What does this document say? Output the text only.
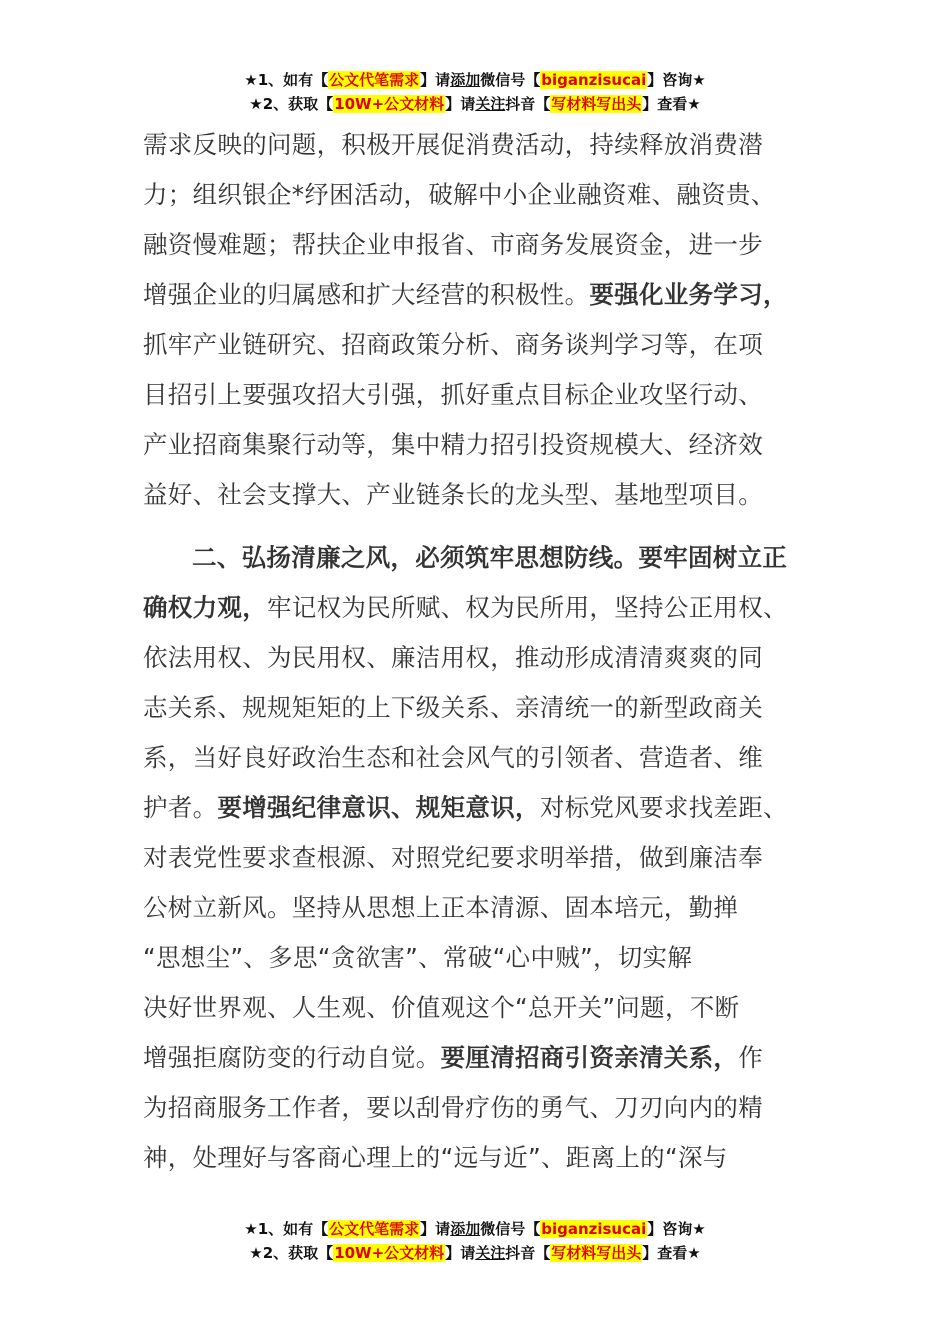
★1、如有【公文代笔需求】请添加微信号【biganzisucai】咨询★
★2、获取【10W+公文材料】请关注抖音【写材料写出头】查看★

需求反映的问题，积极开展促消费活动，持续释放消费潜

力；组织银企*纾困活动，破解中小企业融资难、融资贵、

融资慢难题；帮扶企业申报省、市商务发展资金，进一步

增强企业的归属感和扩大经营的积极性。要强化业务学习，

抓牢产业链研究、招商政策分析、商务谈判学习等，在项

目招引上要强攻招大引强，抓好重点目标企业攻坚行动、

产业招商集聚行动等，集中精力招引投资规模大、经济效

益好、社会支撑大、产业链条长的龙头型、基地型项目。

二、弘扬清廉之风，必须筑牢思想防线。要牢固树立正

确权力观，牢记权为民所赋、权为民所用，坚持公正用权、

依法用权、为民用权、廉洁用权，推动形成清清爽爽的同

志关系、规规矩矩的上下级关系、亲清统一的新型政商关

系，当好良好政治生态和社会风气的引领者、营造者、维

护者。要增强纪律意识、规矩意识，对标党风要求找差距、

对表党性要求查根源、对照党纪要求明举措，做到廉洁奉

公树立新风。坚持从思想上正本清源、固本培元，勤掸

“思想尘”、多思“贪欲害”、常破“心中贼”，切实解

决好世界观、人生观、价值观这个“总开关”问题，不断

增强拒腐防变的行动自觉。要厘清招商引资亲清关系，作

为招商服务工作者，要以刮骨疗伤的勇气、刀刃向内的精

神，处理好与客商心理上的“远与近”、距离上的“深与

★1、如有【公文代笔需求】请添加微信号【biganzisucai】咨询★
★2、获取【10W+公文材料】请关注抖音【写材料写出头】查看★
